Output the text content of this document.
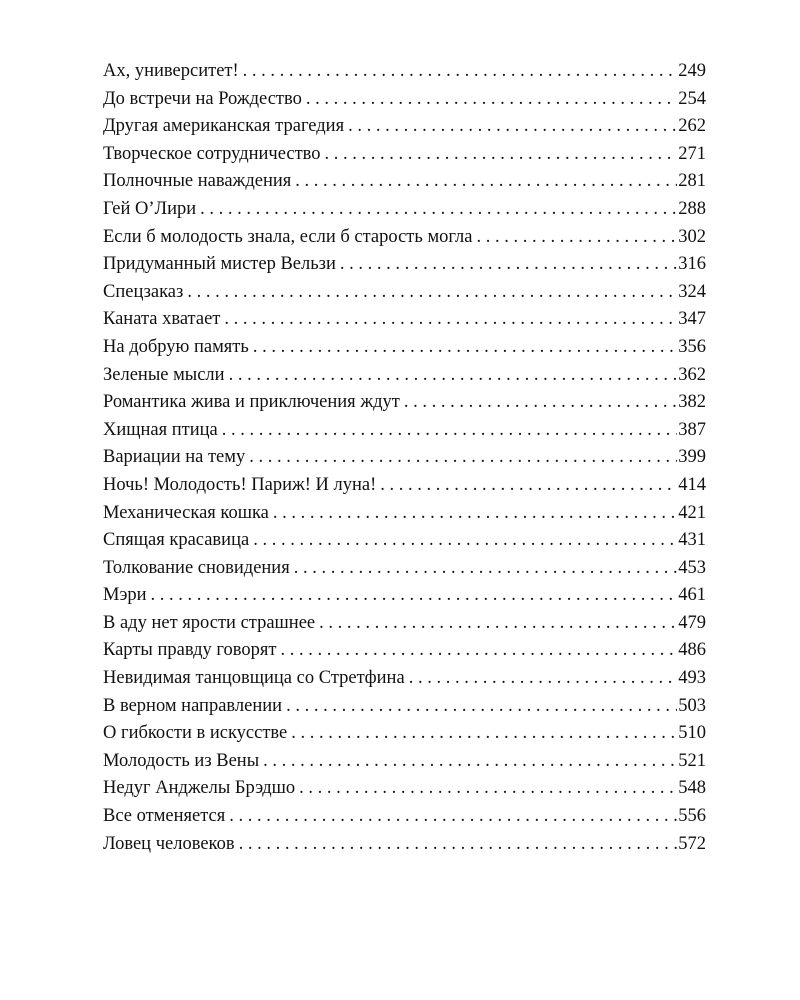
Ах, университет! . . .	249
До встречи на Рождество . . .	254
Другая американская трагедия . . .	262
Творческое сотрудничество . . .	271
Полночные наваждения . . .	281
Гей О’Лири . . .	288
Если б молодость знала, если б старость могла . . .	302
Придуманный мистер Вельзи . . .	316
Спецзаказ . . .	324
Каната хватает . . .	347
На добрую память . . .	356
Зеленые мысли . . .	362
Романтика жива и приключения ждут . . .	382
Хищная птица . . .	387
Вариации на тему . . .	399
Ночь! Молодость! Париж! И луна! . . .	414
Механическая кошка . . .	421
Спящая красавица . . .	431
Толкование сновидения . . .	453
Мэри . . .	461
В аду нет ярости страшнее . . .	479
Карты правду говорят . . .	486
Невидимая танцовщица со Стретфина . . .	493
В верном направлении . . .	503
О гибкости в искусстве . . .	510
Молодость из Вены . . .	521
Недуг Анджелы Брэдшо . . .	548
Все отменяется . . .	556
Ловец человеков . . .	572
